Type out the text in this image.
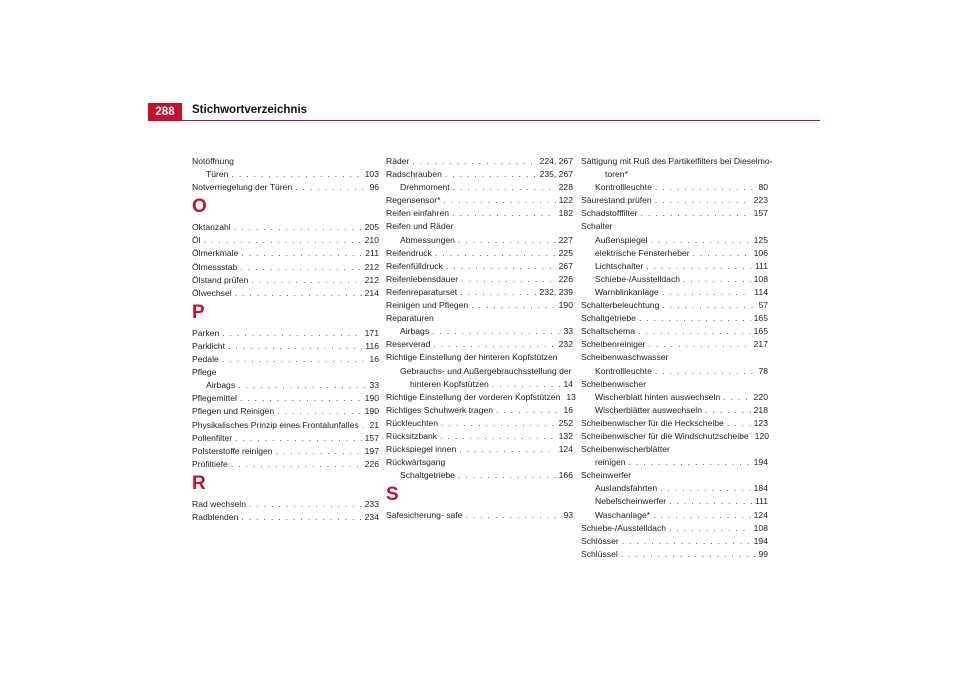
288	Stichwortverzeichnis
Notöffnung
Türen . . .	103
Notverriegelung der Türen . . .	96
O
Oktanzahl . . .	205
Öl . . .	210
Ölmerkmale . . .	211
Ölmessstab . . .	212
Ölstand prüfen . . .	212
Ölwechsel . . .	214
P
Parken . . .	171
Parklicht . . .	116
Pedale . . .	16
Pflege
Airbags . . .	33
Pflegemittel . . .	190
Pflegen und Reinigen . . .	190
Physikalisches Prinzip eines Frontalunfalles . . . 21
Pollenfilter . . .	157
Polsterstoffe reinigen . . .	197
Profiltiefe . . .	226
R
Rad wechseln . . .	233
Radblenden . . .	234
Räder . . .	224, 267
Radschrauben . . .	235, 267
Drehmoment . . .	228
Regensensor* . . .	122
Reifen einfahren . . .	182
Reifen und Räder
Abmessungen . . .	227
Reifendruck . . .	225
Reifenfülldruck . . .	267
Reifenlebensdauer . . .	226
Reifenreparaturset . . .	232, 239
Reinigen und Pflegen . . .	190
Reparaturen
Airbags . . .	33
Reserverad . . .	232
Richtige Einstellung der hinteren Kopfstützen
Gebrauchs- und Außergebrauchsstellung der
hinteren Kopfstützen . . .	14
Richtige Einstellung der vorderen Kopfstützen 13
Richtiges Schuhwerk tragen . . .	16
Rückleuchten . . .	252
Rücksitzbank . . .	132
Rückspiegel innen . . .	124
Rückwärtsgang
Schaltgetriebe . . .	166
S
Safesicherung- safe . . .	93
Sättigung mit Ruß des Partikelfilters bei Dieselmo-
toren*
Kontrollleuchte . . .	80
Säurestand prüfen . . .	223
Schadstofffilter . . .	157
Schalter
Außenspiegel . . .	125
elektrische Fensterheber . . .	106
Lichtschalter . . .	111
Schiebe-/Ausstelldach . . .	108
Warnblinkanlage . . .	114
Schalterbeleuchtung . . .	57
Schaltgetriebe . . .	165
Schaltschema . . .	165
Scheibenreiniger . . .	217
Scheibenwaschwasser
Kontrollleuchte . . .	78
Scheibenwischer
Wischerblatt hinten auswechseln . . .	220
Wischerblätter auswechseln . . .	218
Scheibenwischer für die Heckscheibe . . .	123
Scheibenwischer für die Windschutzscheibe 120
Scheibenwischerblätter
reinigen . . .	194
Scheinwerfer
Auslandsfahrten . . .	184
Nebelscheinwerfer . . .	111
Waschanlage* . . .	124
Schiebe-/Ausstelldach . . .	108
Schlösser . . .	194
Schlüssel . . .	99
